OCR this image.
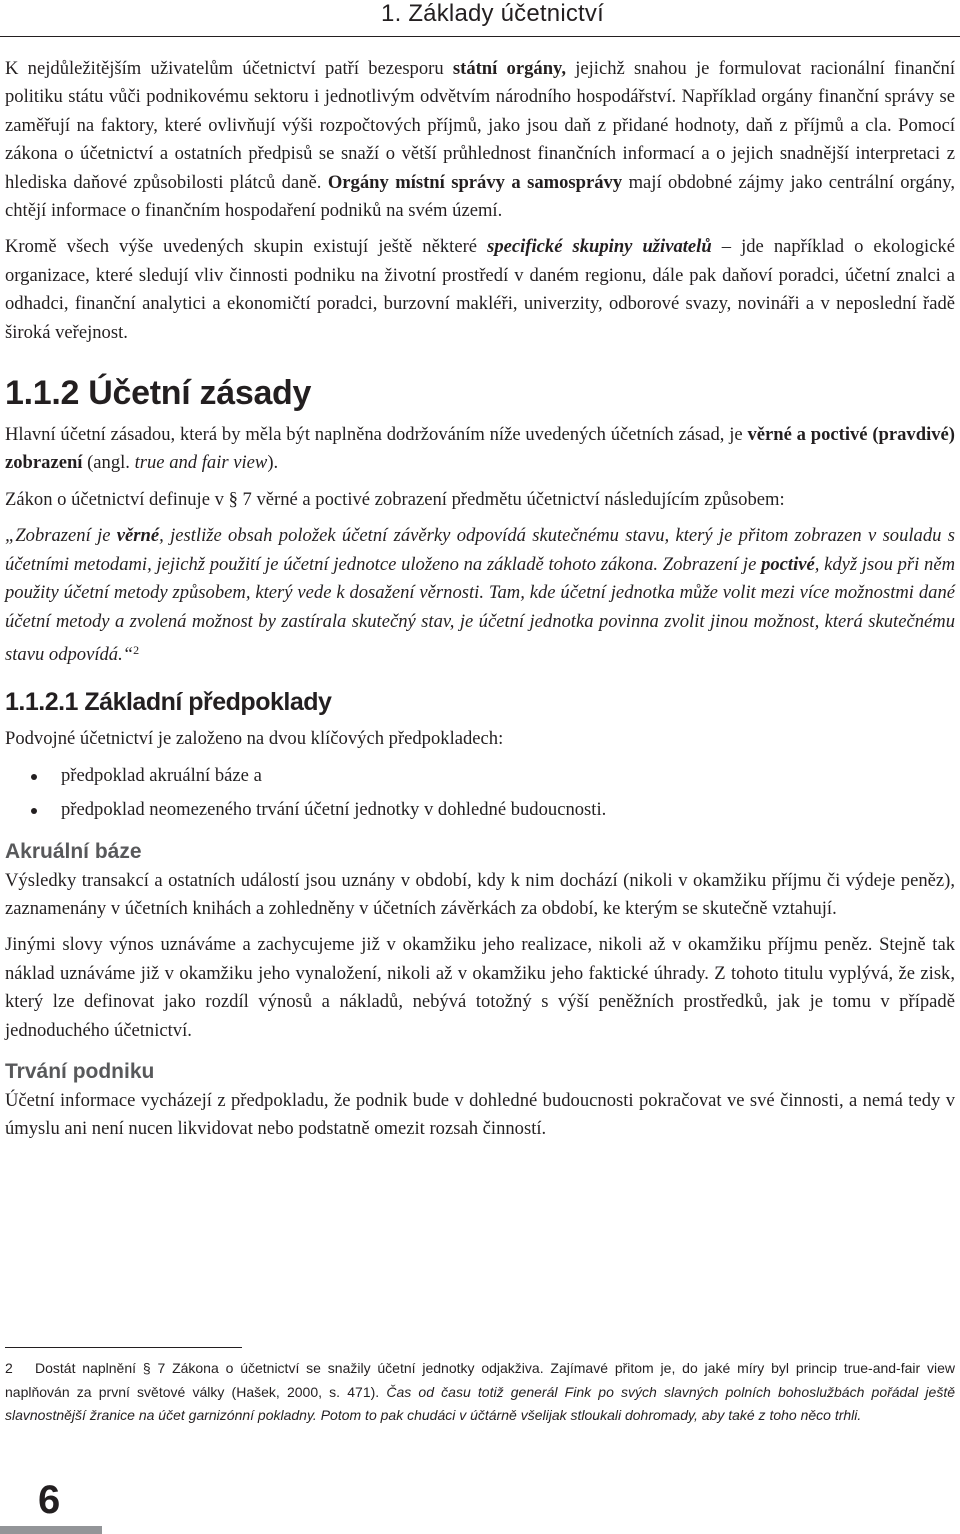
1. Základy účetnictví

K nejdůležitějším uživatelům účetnictví patří bezesporu státní orgány, jejichž snahou je formulovat racionální finanční politiku státu vůči podnikovému sektoru i jednotlivým odvětvím národního hospodářství. Například orgány finanční správy se zaměřují na faktory, které ovlivňují výši rozpočtových příjmů, jako jsou daň z přidané hodnoty, daň z příjmů a cla. Pomocí zákona o účetnictví a ostatních předpisů se snaží o větší průhlednost finančních informací a o jejich snadnější interpretaci z hlediska daňové způsobilosti plátců daně. Orgány místní správy a samosprávy mají obdobné zájmy jako centrální orgány, chtějí informace o finančním hospodaření podniků na svém území.

Kromě všech výše uvedených skupin existují ještě některé specifické skupiny uživatelů – jde například o ekologické organizace, které sledují vliv činnosti podniku na životní prostředí v daném regionu, dále pak daňoví poradci, účetní znalci a odhadci, finanční analytici a ekonomičtí poradci, burzovní makléři, univerzity, odborové svazy, novináři a v neposlední řadě široká veřejnost.

1.1.2 Účetní zásady

Hlavní účetní zásadou, která by měla být naplněna dodržováním níže uvedených účetních zásad, je věrné a poctivé (pravdivé) zobrazení (angl. true and fair view).

Zákon o účetnictví definuje v § 7 věrné a poctivé zobrazení předmětu účetnictví následujícím způsobem:

„Zobrazení je věrné, jestliže obsah položek účetní závěrky odpovídá skutečnému stavu, který je přitom zobrazen v souladu s účetními metodami, jejichž použití je účetní jednotce uloženo na základě tohoto zákona. Zobrazení je poctivé, když jsou při něm použity účetní metody způsobem, který vede k dosažení věrnosti. Tam, kde účetní jednotka může volit mezi více možnostmi dané účetní metody a zvolená možnost by zastírala skutečný stav, je účetní jednotka povinna zvolit jinou možnost, která skutečnému stavu odpovídá.“$^2$

1.1.2.1 Základní předpoklady

Podvojné účetnictví je založeno na dvou klíčových předpokladech:

předpoklad akruální báze a
předpoklad neomezeného trvání účetní jednotky v dohledné budoucnosti.
Akruální báze

Výsledky transakcí a ostatních událostí jsou uznány v období, kdy k nim dochází (nikoli v okamžiku příjmu či výdeje peněz), zaznamenány v účetních knihách a zohledněny v účetních závěrkách za období, ke kterým se skutečně vztahují.

Jinými slovy výnos uznáváme a zachycujeme již v okamžiku jeho realizace, nikoli až v okamžiku příjmu peněz. Stejně tak náklad uznáváme již v okamžiku jeho vynaložení, nikoli až v okamžiku jeho faktické úhrady. Z tohoto titulu vyplývá, že zisk, který lze definovat jako rozdíl výnosů a nákladů, nebývá totožný s výší peněžních prostředků, jak je tomu v případě jednoduchého účetnictví.

Trvání podniku

Účetní informace vycházejí z předpokladu, že podnik bude v dohledné budoucnosti pokračovat ve své činnosti, a nemá tedy v úmyslu ani není nucen likvidovat nebo podstatně omezit rozsah činností.

2 Dostát naplnění § 7 Zákona o účetnictví se snažily účetní jednotky odjakživa. Zajímavé přitom je, do jaké míry byl princip true-and-fair view naplňován za první světové války (Hašek, 2000, s. 471). Čas od času totiž generál Fink po svých slavných polních bohoslužbách pořádal ještě slavnostnější žranice na účet garnizónní pokladny. Potom to pak chudáci v účtárně všelijak stloukali dohromady, aby také z toho něco trhli.
6
